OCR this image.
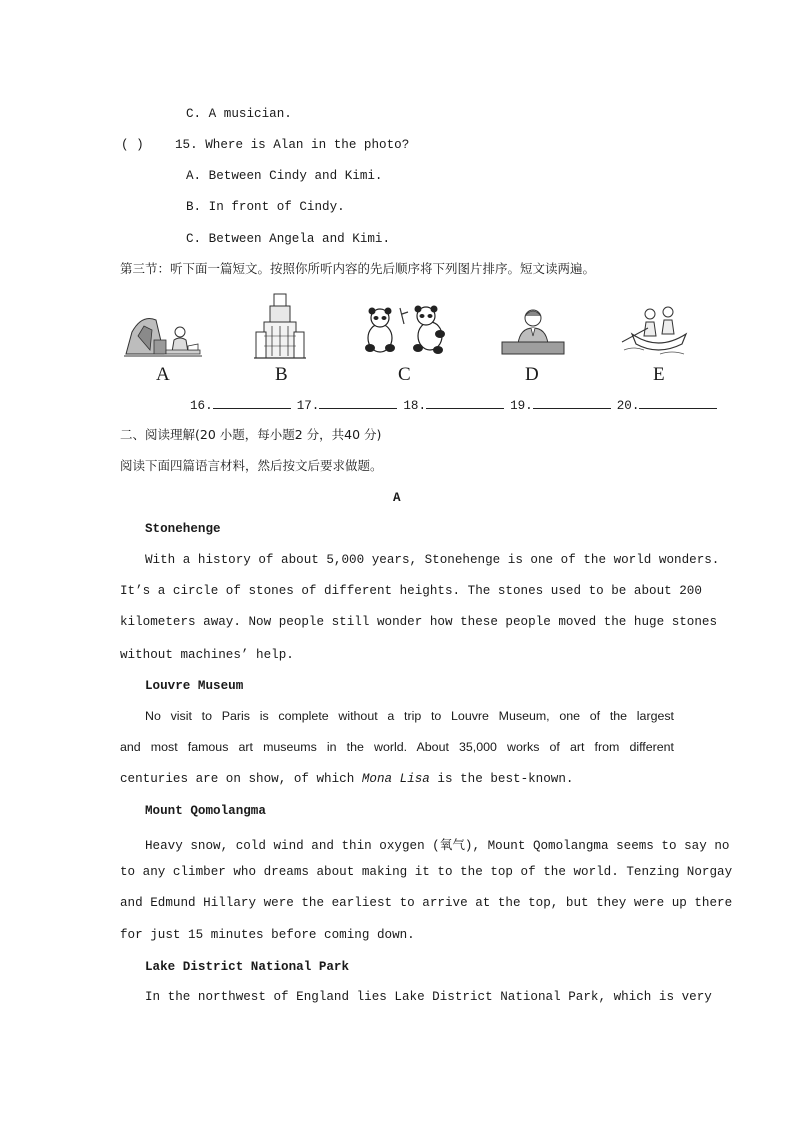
C. A musician.
( ) 15. Where is Alan in the photo?
A. Between Cindy and Kimi.
B. In front of Cindy.
C. Between Angela and Kimi.
第三节：听下面一篇短文。按照你所听内容的先后顺序将下列图片排序。短文读两遍。
A	B	C	D	E
16.	17.	18.	19.	20.
二、阅读理解(20 小题，每小题2 分，共40 分)
阅读下面四篇语言材料，然后按文后要求做题。
A
Stonehenge
With a history of about 5,000 years, Stonehenge is one of the world wonders.
It’s a circle of stones of different heights. The stones used to be about 200
kilometers away. Now people still wonder how these people moved the huge stones
without machines’ help.
Louvre Museum
No visit to Paris is complete without a trip to Louvre Museum, one of the largest
and most famous art museums in the world. About 35,000 works of art from different
centuries are on show, of which Mona Lisa is the best-known.
Mount Qomolangma
Heavy snow, cold wind and thin oxygen (氧气), Mount Qomolangma seems to say no
to any climber who dreams about making it to the top of the world. Tenzing Norgay
and Edmund Hillary were the earliest to arrive at the top, but they were up there
for just 15 minutes before coming down.
Lake District National Park
In the northwest of England lies Lake District National Park, which is very
